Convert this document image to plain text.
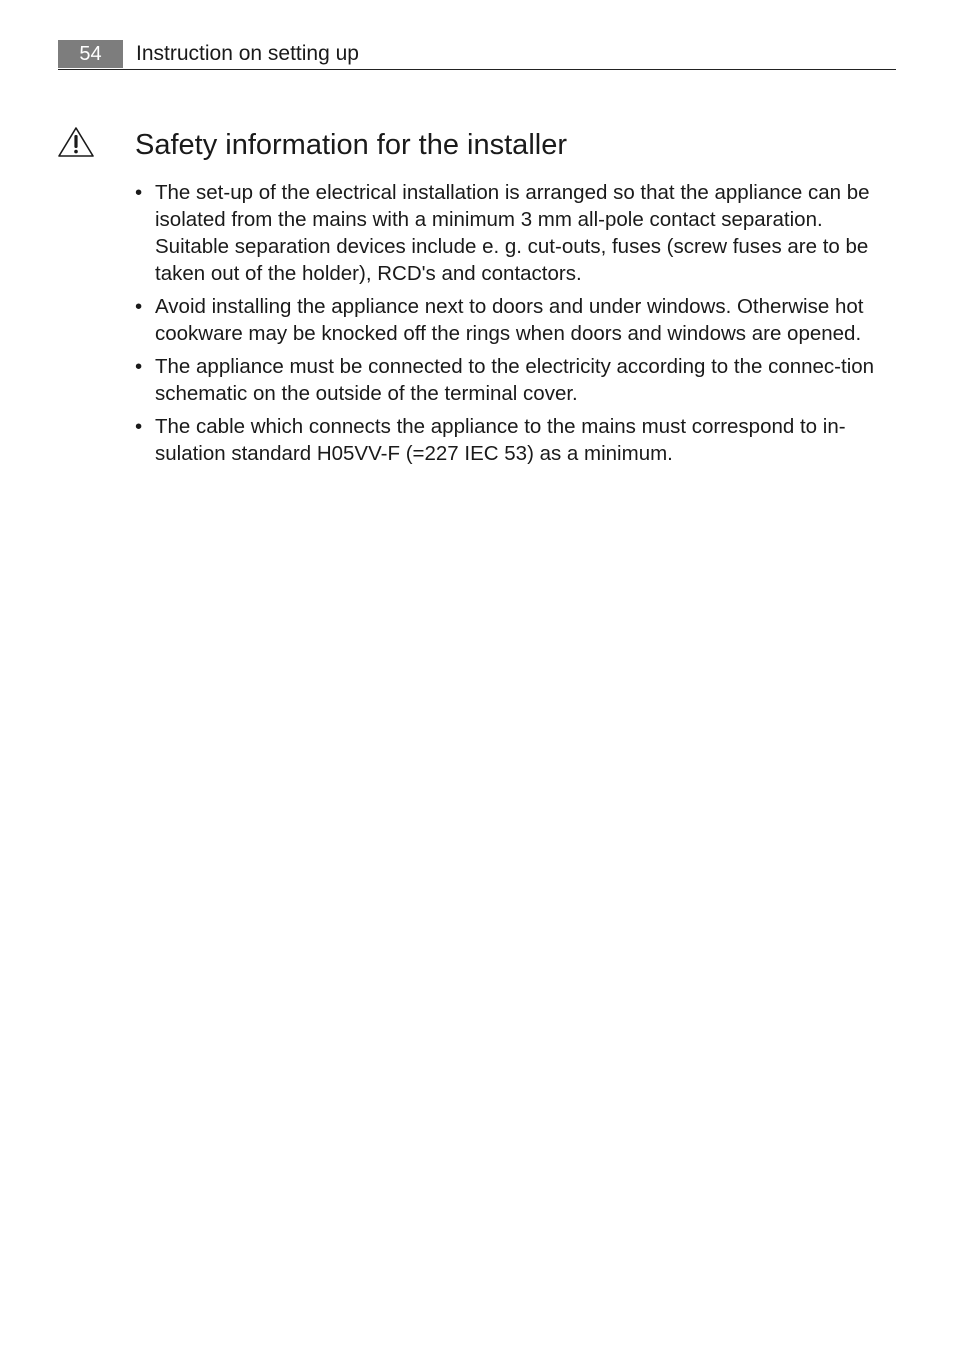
54	Instruction on setting up
Safety information for the installer
• The set-up of the electrical installation is arranged so that the appliance can be isolated from the mains with a minimum 3 mm all-pole contact separation. Suitable separation devices include e. g. cut-outs, fuses (screw fuses are to be taken out of the holder), RCD's and contactors.
• Avoid installing the appliance next to doors and under windows. Otherwise hot cookware may be knocked off the rings when doors and windows are opened.
• The appliance must be connected to the electricity according to the connec-tion schematic on the outside of the terminal cover.
• The cable which connects the appliance to the mains must correspond to in-sulation standard H05VV-F (=227 IEC 53) as a minimum.
